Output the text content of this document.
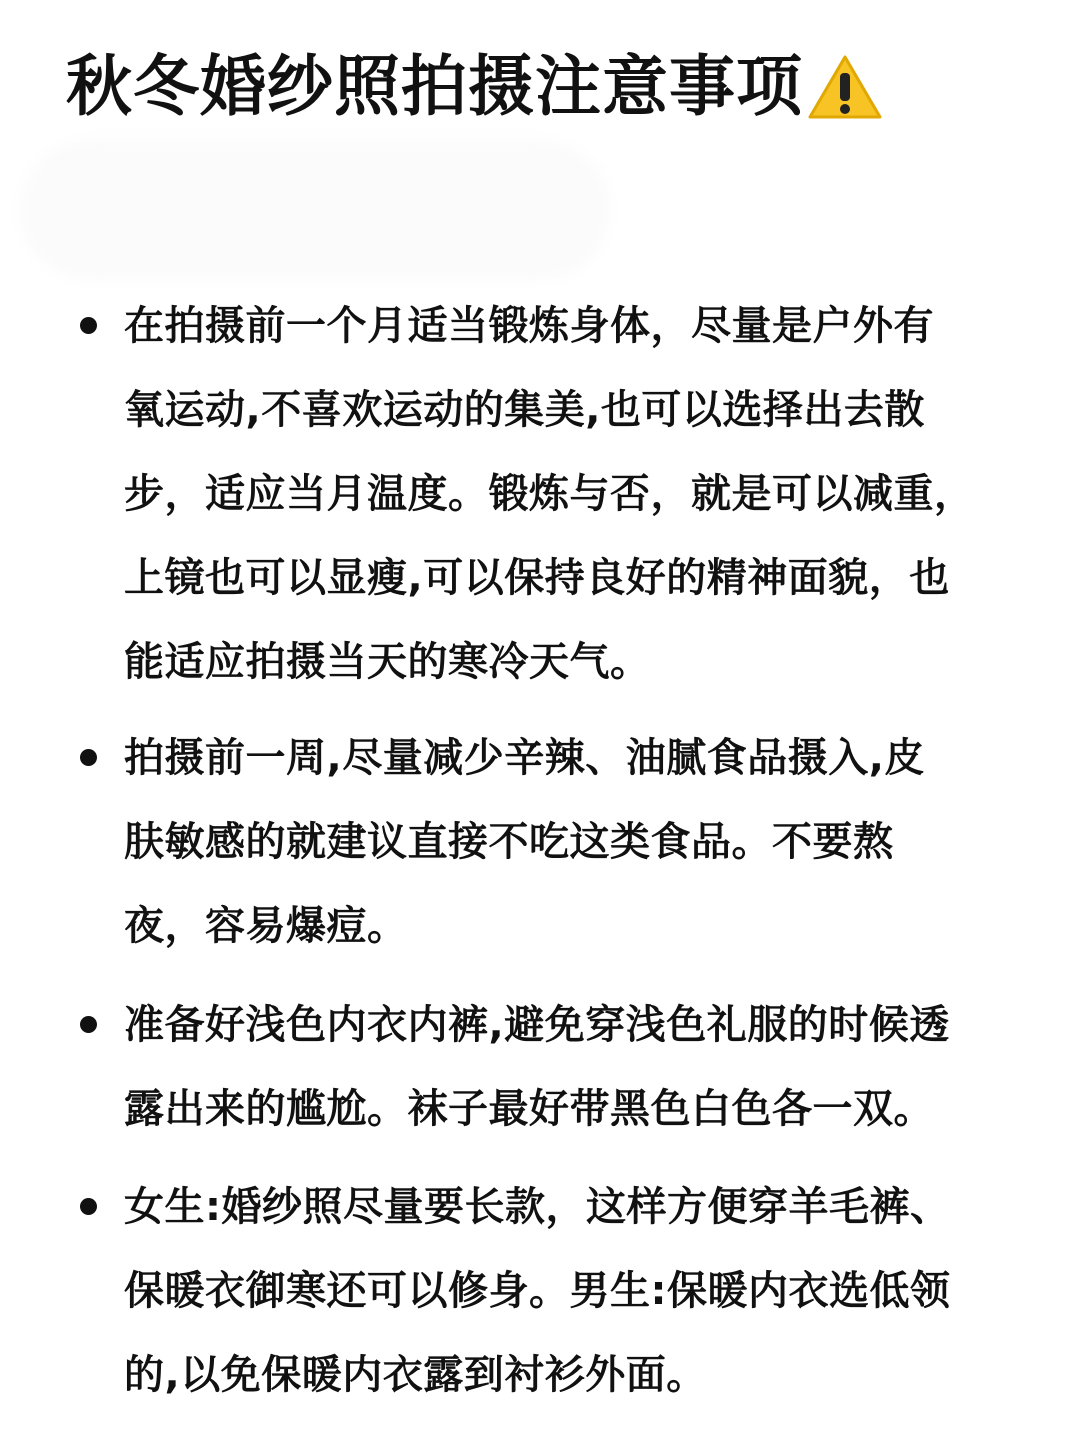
秋冬婚纱照拍摄注意事项
在拍摄前一个月适当锻炼身体，尽量是户外有
氧运动,不喜欢运动的集美,也可以选择出去散
步，适应当月温度。锻炼与否，就是可以减重，
上镜也可以显瘦,可以保持良好的精神面貌，也
能适应拍摄当天的寒冷天气。
拍摄前一周,尽量减少辛辣、油腻食品摄入,皮
肤敏感的就建议直接不吃这类食品。不要熬
夜，容易爆痘。
准备好浅色内衣内裤,避免穿浅色礼服的时候透
露出来的尴尬。袜子最好带黑色白色各一双。
女生:婚纱照尽量要长款，这样方便穿羊毛裤、
保暖衣御寒还可以修身。男生:保暖内衣选低领
的,以免保暖内衣露到衬衫外面。
